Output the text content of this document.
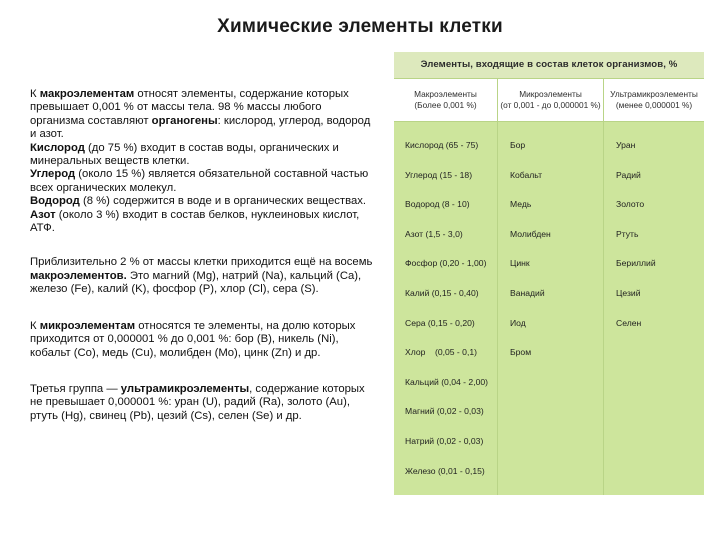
Химические элементы клетки
К макроэлементам относят элементы, содержание которых превышает 0,001 % от массы тела. 98 % массы любого организма составляют органогены: кислород, углерод, водород и азот.
Кислород (до 75 %) входит в состав воды, органических и минеральных веществ клетки.
Углерод (около 15 %) является обязательной составной частью всех органических молекул.
Водород (8 %) содержится в воде и в органических веществах.
Азот (около 3 %) входит в состав белков, нуклеиновых кислот, АТФ.
Приблизительно 2 % от массы клетки приходится ещё на восемь макроэлементов. Это магний (Mg), натрий (Na), кальций (Ca), железо (Fe), калий (K), фосфор (P), хлор (Cl), сера (S).
К микроэлементам относятся те элементы, на долю которых приходится от 0,000001 % до 0,001 %: бор (B), никель (Ni), кобальт (Co), медь (Cu), молибден (Mo), цинк (Zn) и др.
Третья группа — ультрамикроэлементы, содержание которых не превышает 0,000001 %: уран (U), радий (Ra), золото (Au), ртуть (Hg), свинец (Pb), цезий (Cs), селен (Se) и др.
Элементы, входящие в состав клеток организмов, %
Макроэлементы
(Более 0,001 %)
Микроэлементы
(от 0,001 - до 0,000001 %)
Ультрамикроэлементы
(менее 0,000001 %)
Кислород (65 - 75)
Углерод (15 - 18)
Водород (8 - 10)
Азот (1,5 - 3,0)
Фосфор (0,20 - 1,00)
Калий (0,15 - 0,40)
Сера (0,15 - 0,20)
Хлор    (0,05 - 0,1)
Кальций (0,04 - 2,00)
Магний (0,02 - 0,03)
Натрий (0,02 - 0,03)
Железо (0,01 - 0,15)
Бор
Кобальт
Медь
Молибден
Цинк
Ванадий
Иод
Бром
Уран
Радий
Золото
Ртуть
Бериллий
Цезий
Селен
